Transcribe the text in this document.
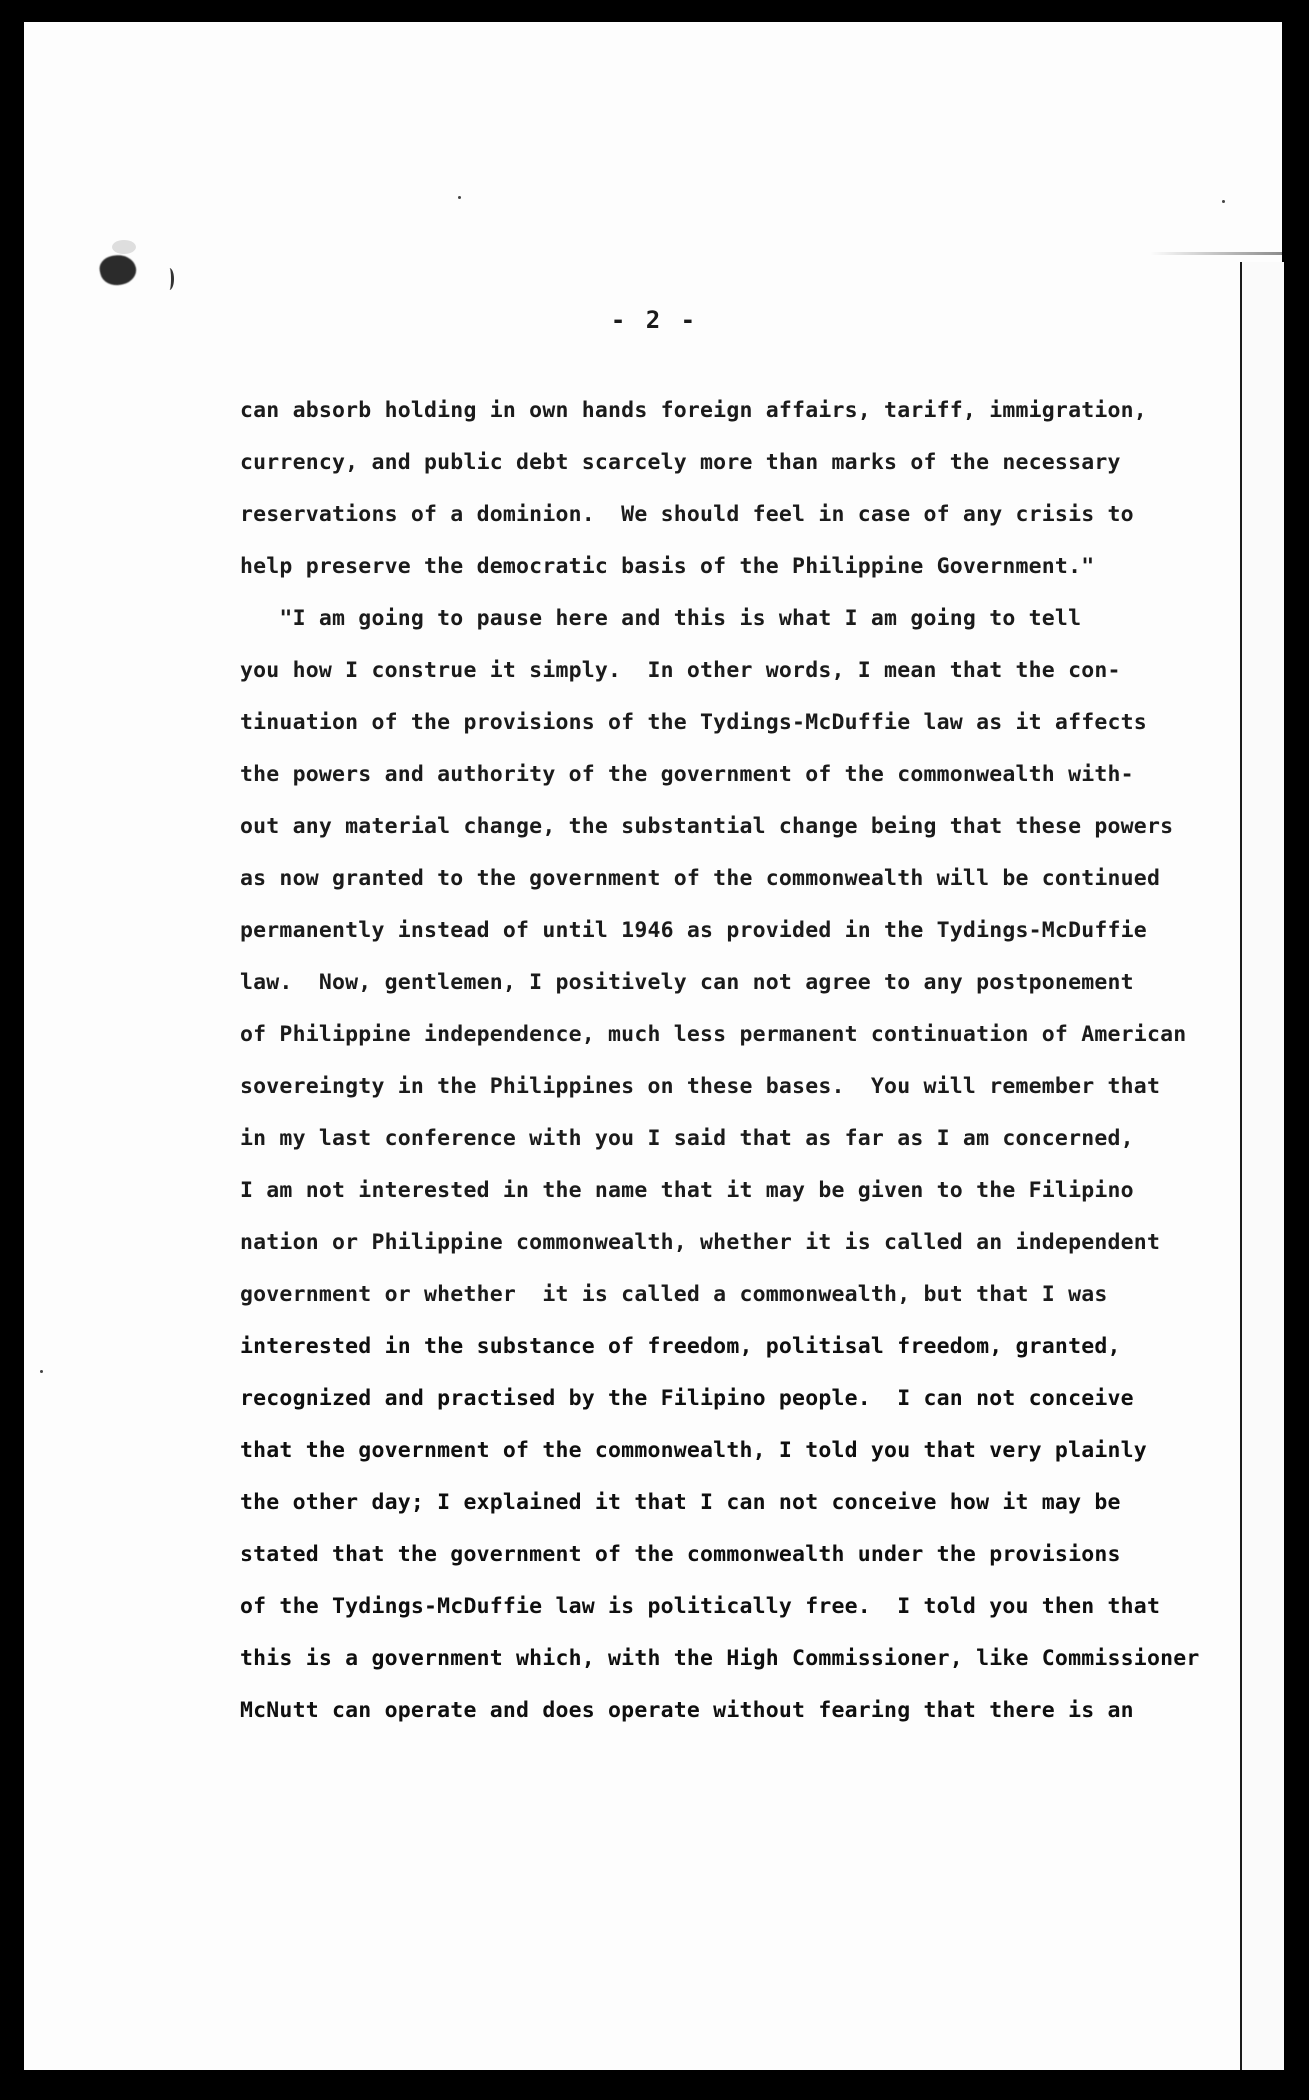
- 2 -
can absorb holding in own hands foreign affairs, tariff, immigration,
currency, and public debt scarcely more than marks of the necessary
reservations of a dominion.  We should feel in case of any crisis to
help preserve the democratic basis of the Philippine Government."
"I am going to pause here and this is what I am going to tell
you how I construe it simply.  In other words, I mean that the con-
tinuation of the provisions of the Tydings-McDuffie law as it affects
the powers and authority of the government of the commonwealth with-
out any material change, the substantial change being that these powers
as now granted to the government of the commonwealth will be continued
permanently instead of until 1946 as provided in the Tydings-McDuffie
law.  Now, gentlemen, I positively can not agree to any postponement
of Philippine independence, much less permanent continuation of American
sovereingty in the Philippines on these bases.  You will remember that
in my last conference with you I said that as far as I am concerned,
I am not interested in the name that it may be given to the Filipino
nation or Philippine commonwealth, whether it is called an independent
government or whether  it is called a commonwealth, but that I was
interested in the substance of freedom, politisal freedom, granted,
recognized and practised by the Filipino people.  I can not conceive
that the government of the commonwealth, I told you that very plainly
the other day; I explained it that I can not conceive how it may be
stated that the government of the commonwealth under the provisions
of the Tydings-McDuffie law is politically free.  I told you then that
this is a government which, with the High Commissioner, like Commissioner
McNutt can operate and does operate without fearing that there is an
